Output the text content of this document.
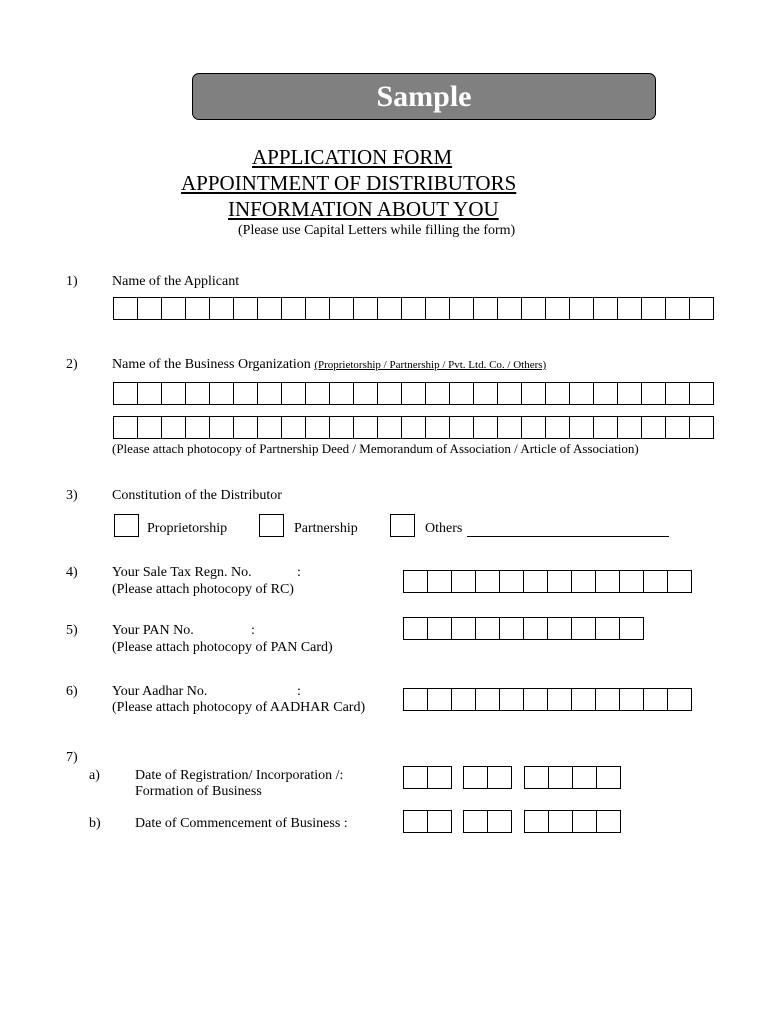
Sample
APPLICATION FORM
APPOINTMENT OF DISTRIBUTORS
INFORMATION ABOUT YOU
(Please use Capital Letters while filling the form)
1) Name of the Applicant
2) Name of the Business Organization (Proprietorship / Partnership / Pvt. Ltd. Co. / Others)
(Please attach photocopy of Partnership Deed / Memorandum of Association / Article of Association)
3) Constitution of the Distributor
Proprietorship	Partnership	Others
4) Your Sale Tax Regn. No.	:
(Please attach photocopy of RC)
5) Your PAN No.	:
(Please attach photocopy of PAN Card)
6) Your Aadhar No.	:
(Please attach photocopy of AADHAR Card)
7)
a)	Date of Registration/ Incorporation /:
Formation of Business
b) Date of Commencement of Business :
